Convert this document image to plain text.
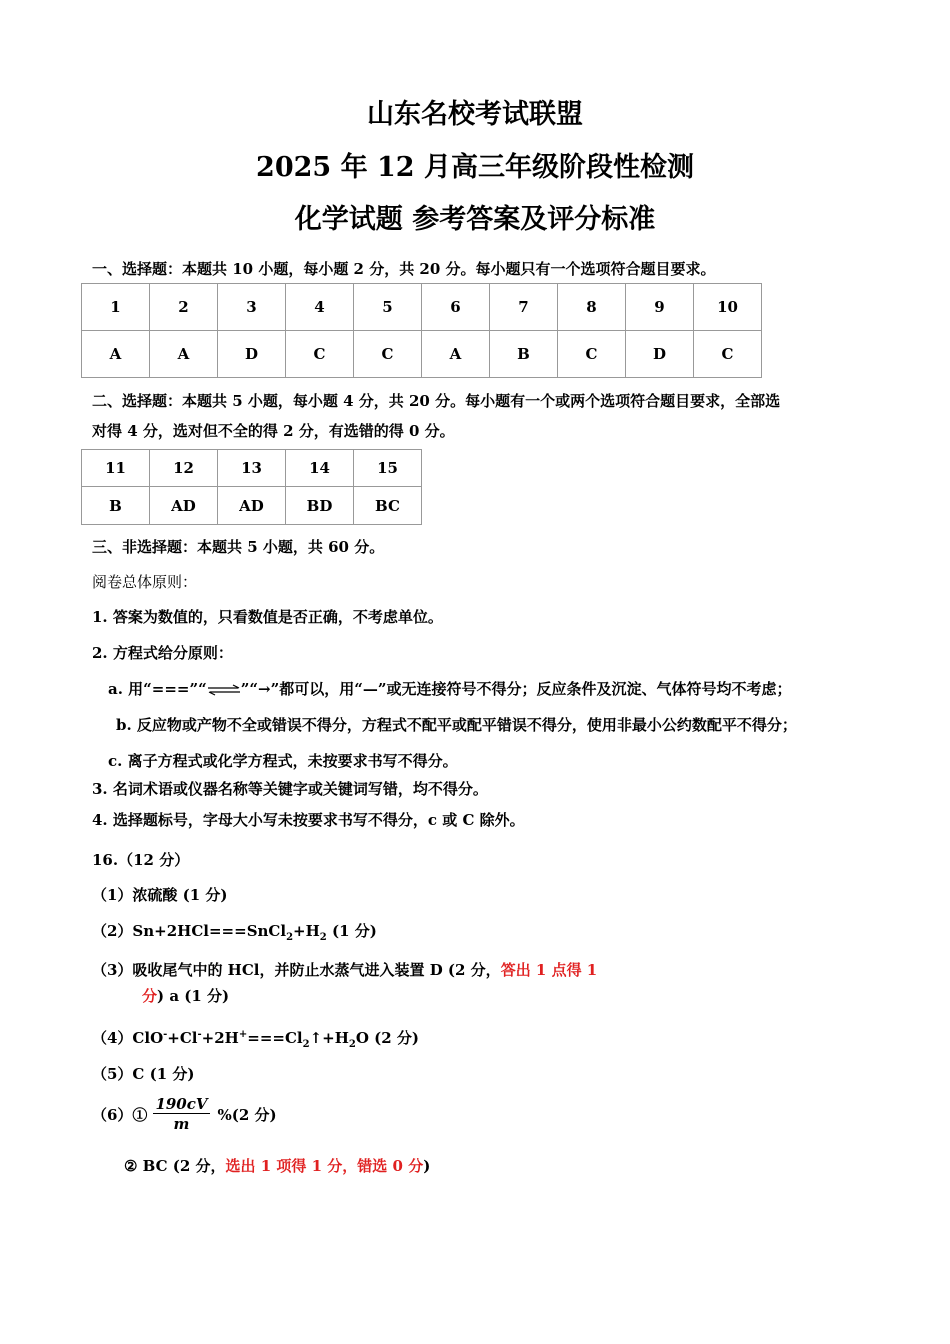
山东名校考试联盟
2025 年 12 月高三年级阶段性检测
化学试题 参考答案及评分标准
一、选择题：本题共 10 小题，每小题 2 分，共 20 分。每小题只有一个选项符合题目要求。
1	2	3	4	5	6	7	8	9	10
A	A	D	C	C	A	B	C	D	C
二、选择题：本题共 5 小题，每小题 4 分，共 20 分。每小题有一个或两个选项符合题目要求，全部选
对得 4 分，选对但不全的得 2 分，有选错的得 0 分。
11	12	13	14	15
B	AD	AD	BD	BC
三、非选择题：本题共 5 小题，共 60 分。
阅卷总体原则：
1. 答案为数值的，只看数值是否正确，不考虑单位。
2. 方程式给分原则：
a. 用“===”“⇌”“→”都可以，用“—”或无连接符号不得分；反应条件及沉淀、气体符号均不考虑；
b. 反应物或产物不全或错误不得分，方程式不配平或配平错误不得分，使用非最小公约数配平不得分；
c. 离子方程式或化学方程式，未按要求书写不得分。
3. 名词术语或仪器名称等关键字或关键词写错，均不得分。
4. 选择题标号，字母大小写未按要求书写不得分，c 或 C 除外。
16.（12 分）
（1）浓硫酸 (1 分)
$(2)Sn+2HCl===SnCl_2+H_2$ (1 分)
（3）吸收尾气中的 HCl，并防止水蒸气进入装置 D (2 分，答出 1 点得 1
分) a (1 分)
$(4)ClO^-+Cl^-+2H^+===Cl_2↑+H_2O$ (2 分)
（5）C (1 分)
（6）① $\frac{190cV}{m} \%(2$ 分)
② BC (2 分，选出 1 项得 1 分，错选 0 分)
